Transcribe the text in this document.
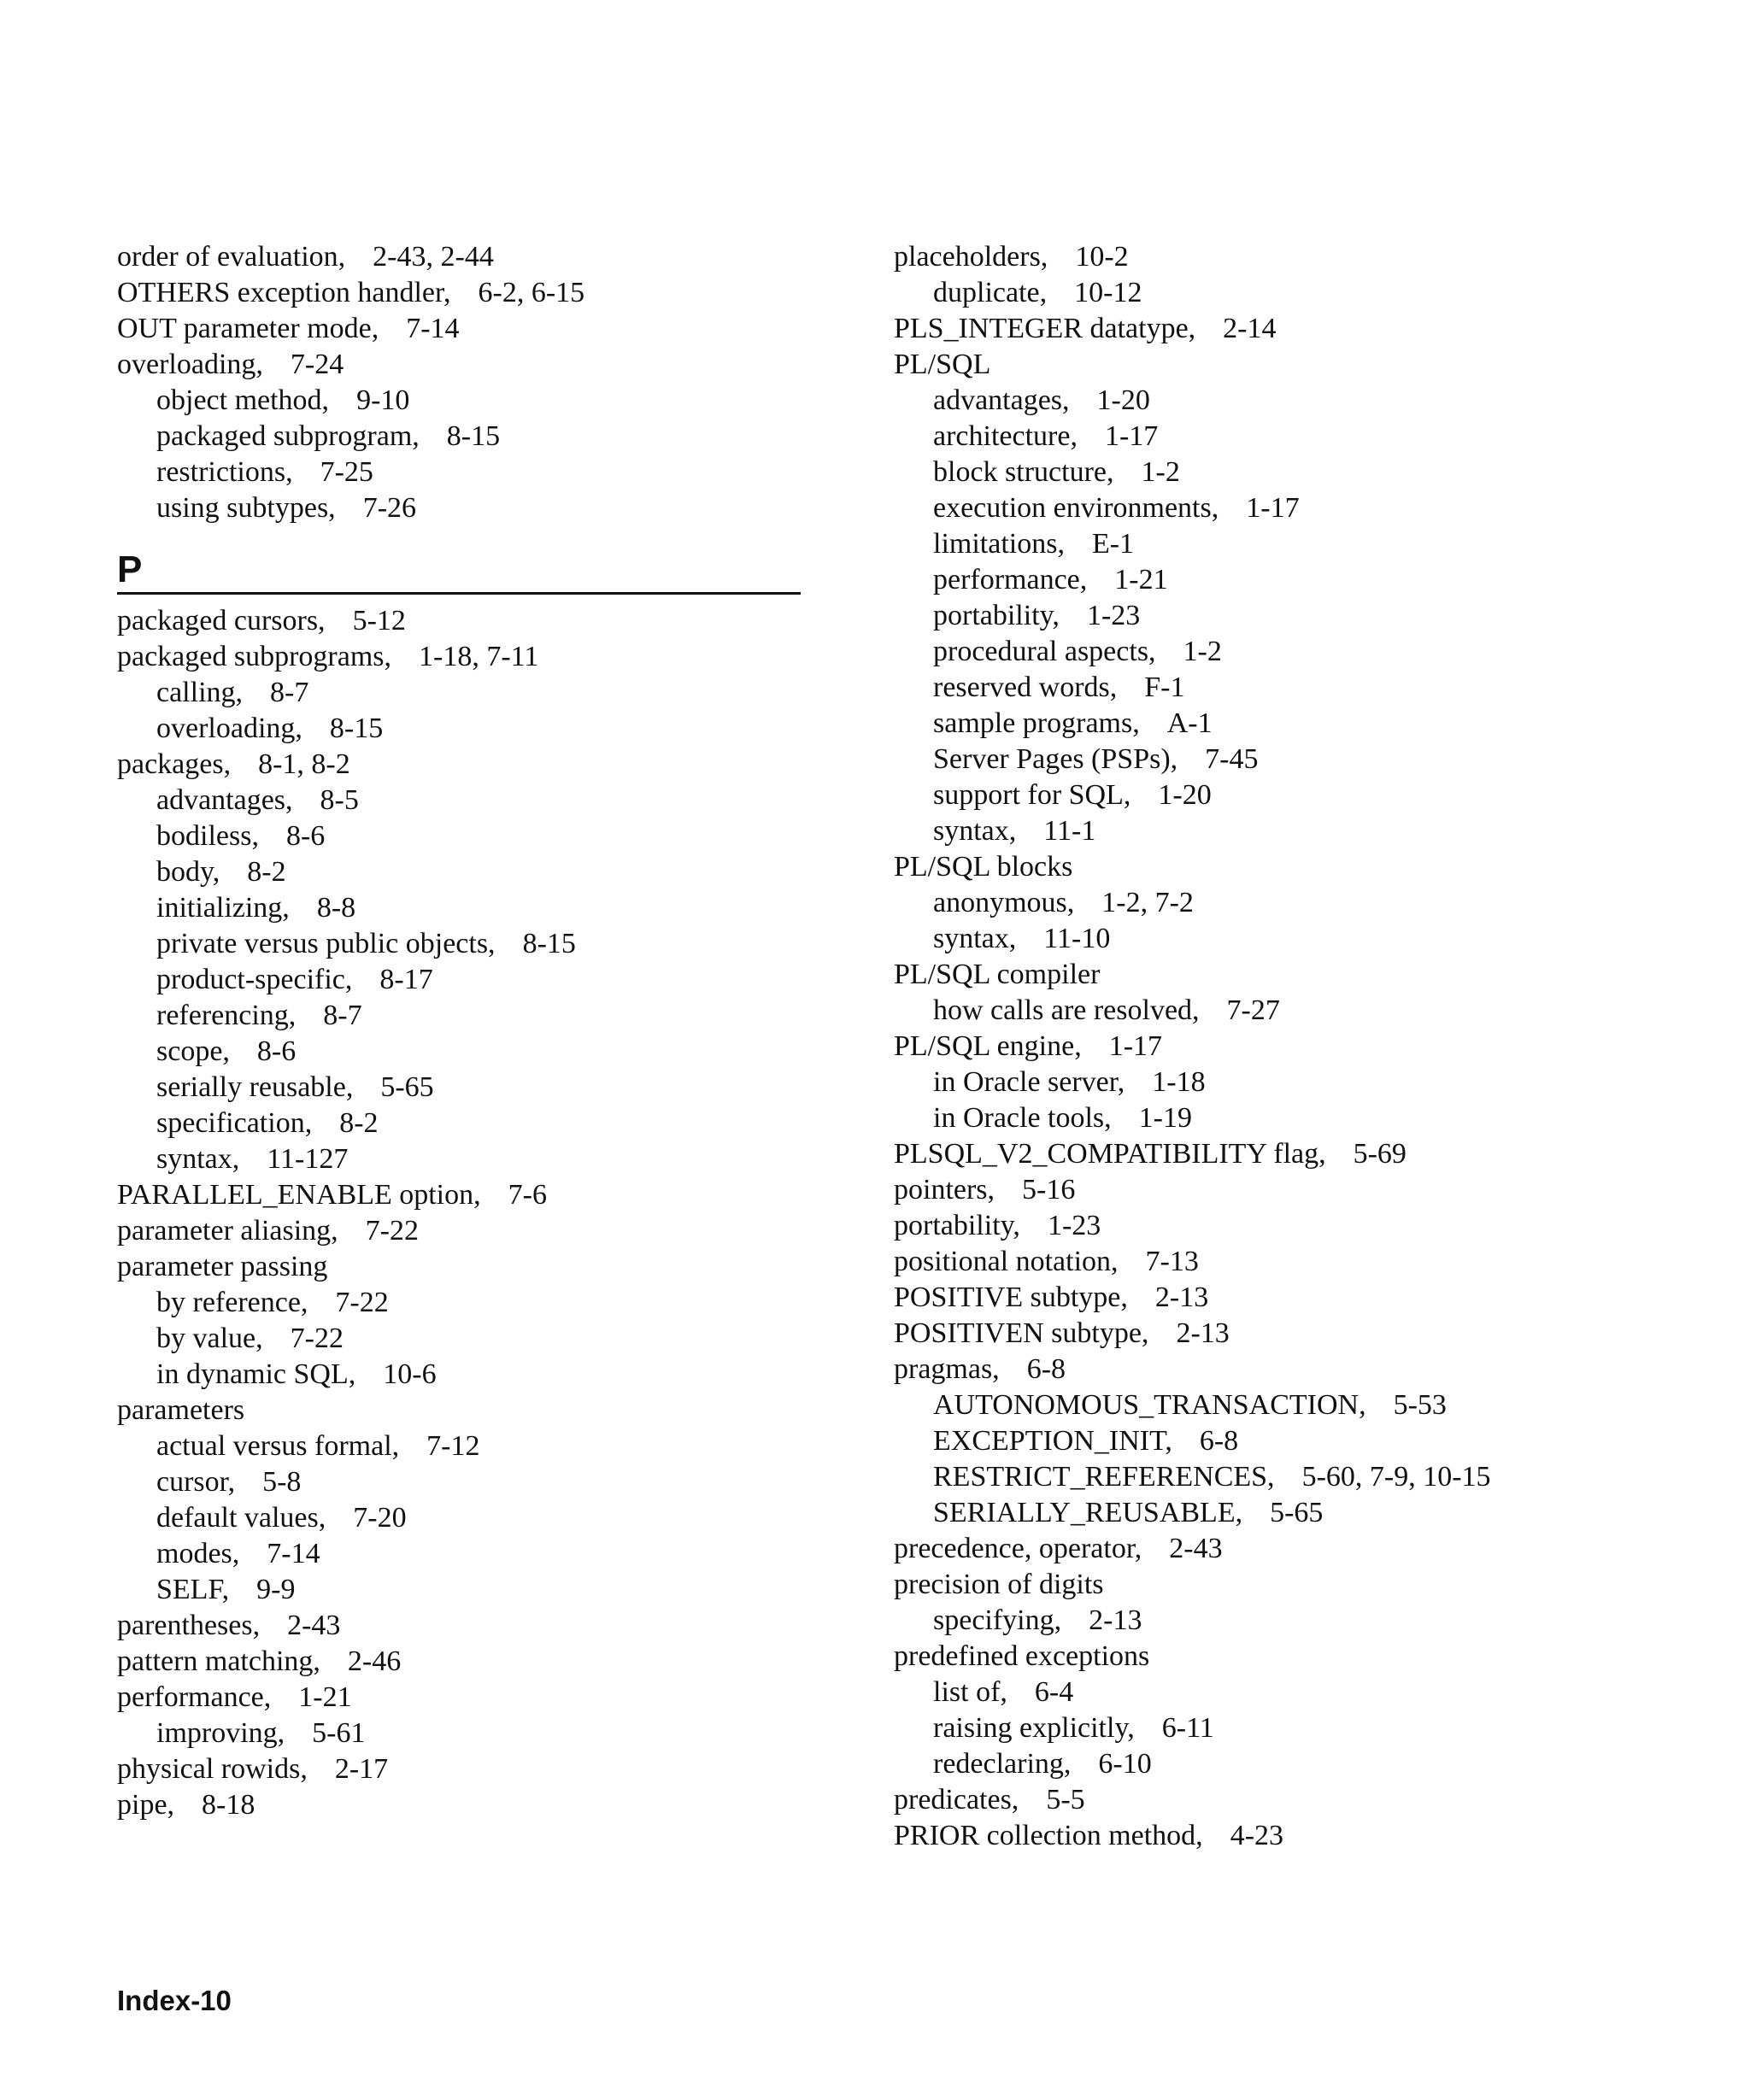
order of evaluation, 2-43, 2-44
OTHERS exception handler, 6-2, 6-15
OUT parameter mode, 7-14
overloading, 7-24
object method, 9-10
packaged subprogram, 8-15
restrictions, 7-25
using subtypes, 7-26
P
packaged cursors, 5-12
packaged subprograms, 1-18, 7-11
calling, 8-7
overloading, 8-15
packages, 8-1, 8-2
advantages, 8-5
bodiless, 8-6
body, 8-2
initializing, 8-8
private versus public objects, 8-15
product-specific, 8-17
referencing, 8-7
scope, 8-6
serially reusable, 5-65
specification, 8-2
syntax, 11-127
PARALLEL_ENABLE option, 7-6
parameter aliasing, 7-22
parameter passing
by reference, 7-22
by value, 7-22
in dynamic SQL, 10-6
parameters
actual versus formal, 7-12
cursor, 5-8
default values, 7-20
modes, 7-14
SELF, 9-9
parentheses, 2-43
pattern matching, 2-46
performance, 1-21
improving, 5-61
physical rowids, 2-17
pipe, 8-18
placeholders, 10-2
duplicate, 10-12
PLS_INTEGER datatype, 2-14
PL/SQL
advantages, 1-20
architecture, 1-17
block structure, 1-2
execution environments, 1-17
limitations, E-1
performance, 1-21
portability, 1-23
procedural aspects, 1-2
reserved words, F-1
sample programs, A-1
Server Pages (PSPs), 7-45
support for SQL, 1-20
syntax, 11-1
PL/SQL blocks
anonymous, 1-2, 7-2
syntax, 11-10
PL/SQL compiler
how calls are resolved, 7-27
PL/SQL engine, 1-17
in Oracle server, 1-18
in Oracle tools, 1-19
PLSQL_V2_COMPATIBILITY flag, 5-69
pointers, 5-16
portability, 1-23
positional notation, 7-13
POSITIVE subtype, 2-13
POSITIVEN subtype, 2-13
pragmas, 6-8
AUTONOMOUS_TRANSACTION, 5-53
EXCEPTION_INIT, 6-8
RESTRICT_REFERENCES, 5-60, 7-9, 10-15
SERIALLY_REUSABLE, 5-65
precedence, operator, 2-43
precision of digits
specifying, 2-13
predefined exceptions
list of, 6-4
raising explicitly, 6-11
redeclaring, 6-10
predicates, 5-5
PRIOR collection method, 4-23
Index-10
